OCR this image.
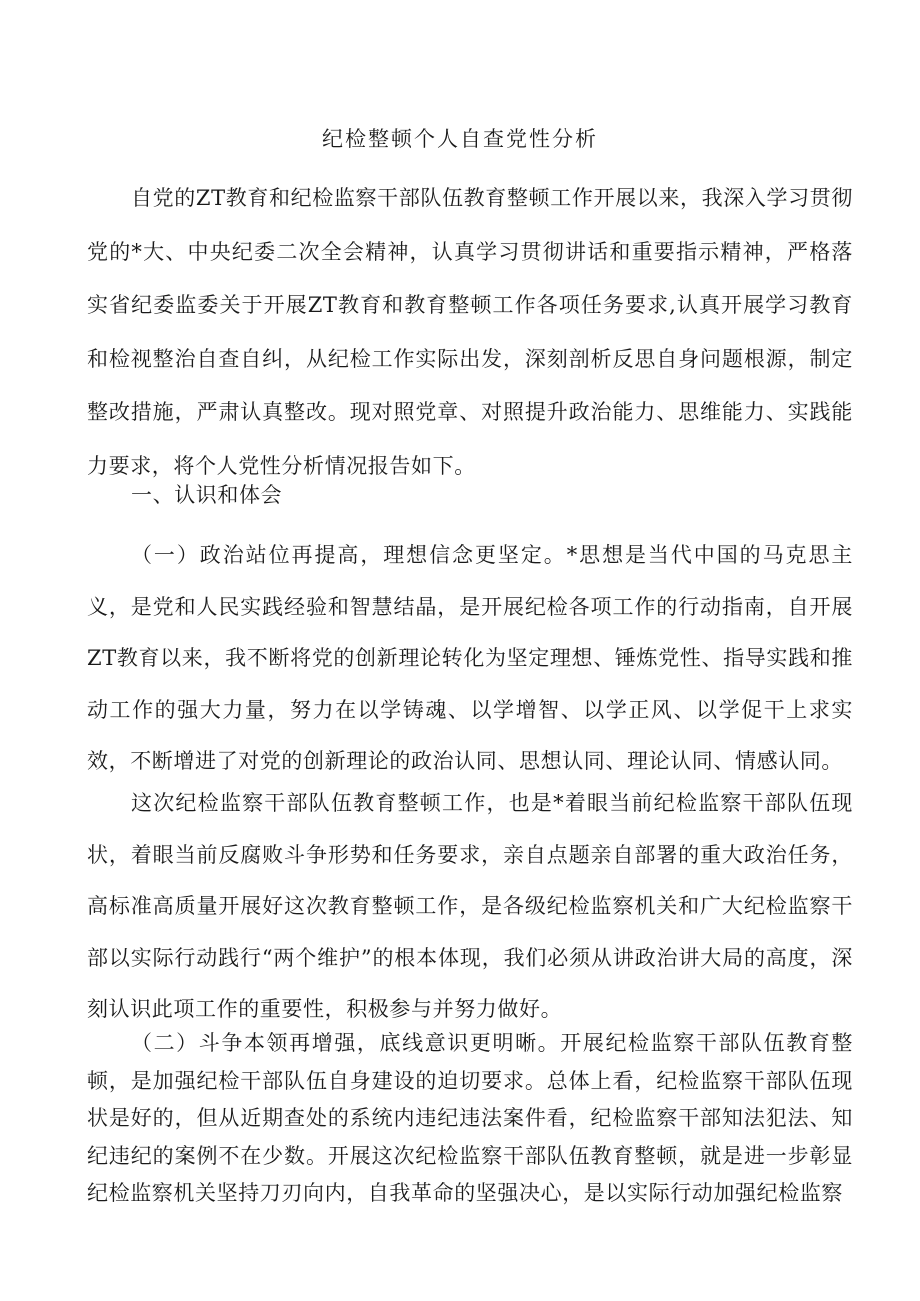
纪检整顿个人自查党性分析

自党的ZT教育和纪检监察干部队伍教育整顿工作开展以来，我深入学习贯彻党的*大、中央纪委二次全会精神，认真学习贯彻讲话和重要指示精神，严格落实省纪委监委关于开展ZT教育和教育整顿工作各项任务要求,认真开展学习教育和检视整治自查自纠，从纪检工作实际出发，深刻剖析反思自身问题根源，制定整改措施，严肃认真整改。现对照党章、对照提升政治能力、思维能力、实践能力要求，将个人党性分析情况报告如下。

一、认识和体会

（一）政治站位再提高，理想信念更坚定。*思想是当代中国的马克思主义，是党和人民实践经验和智慧结晶，是开展纪检各项工作的行动指南，自开展ZT教育以来，我不断将党的创新理论转化为坚定理想、锤炼党性、指导实践和推动工作的强大力量，努力在以学铸魂、以学增智、以学正风、以学促干上求实效，不断增进了对党的创新理论的政治认同、思想认同、理论认同、情感认同。

这次纪检监察干部队伍教育整顿工作，也是*着眼当前纪检监察干部队伍现状，着眼当前反腐败斗争形势和任务要求，亲自点题亲自部署的重大政治任务，高标准高质量开展好这次教育整顿工作，是各级纪检监察机关和广大纪检监察干部以实际行动践行“两个维护”的根本体现，我们必须从讲政治讲大局的高度，深刻认识此项工作的重要性，积极参与并努力做好。

（二）斗争本领再增强，底线意识更明晰。开展纪检监察干部队伍教育整顿，是加强纪检干部队伍自身建设的迫切要求。总体上看，纪检监察干部队伍现状是好的，但从近期查处的系统内违纪违法案件看，纪检监察干部知法犯法、知纪违纪的案例不在少数。开展这次纪检监察干部队伍教育整顿，就是进一步彰显纪检监察机关坚持刀刃向内，自我革命的坚强决心，是以实际行动加强纪检监察
